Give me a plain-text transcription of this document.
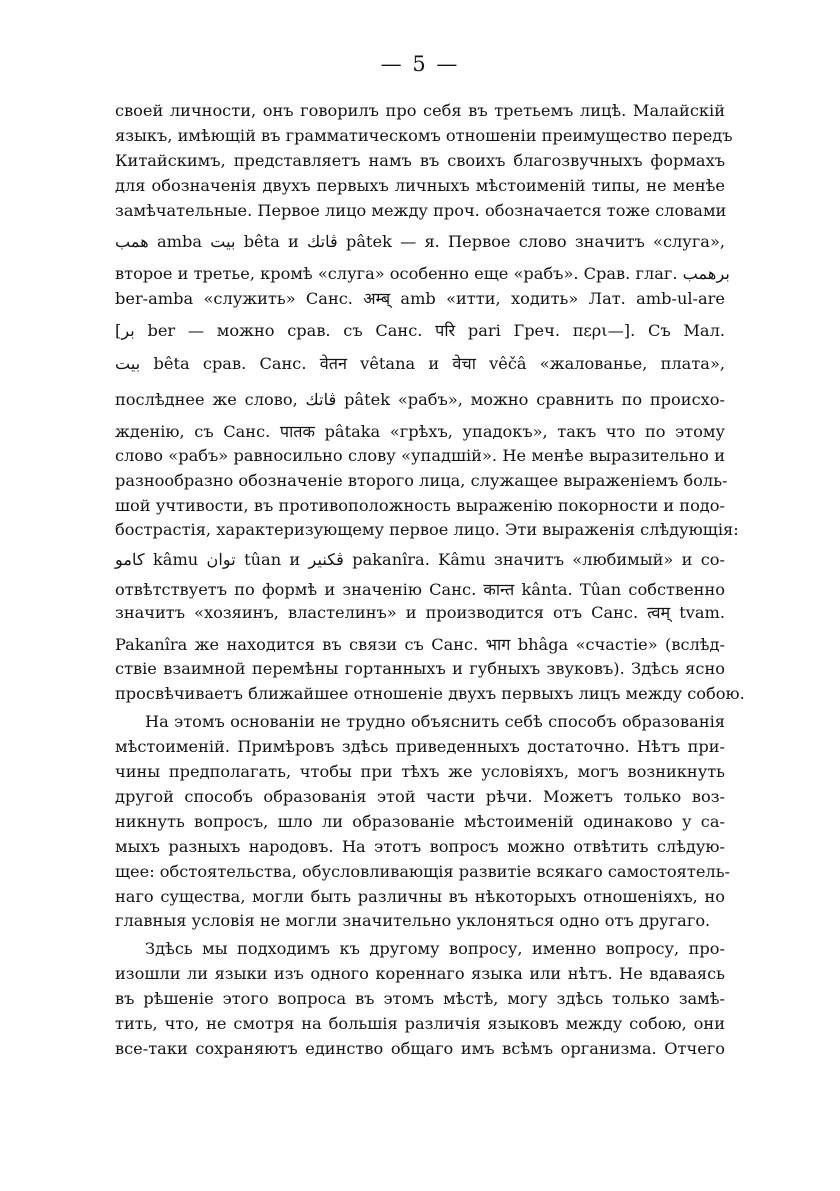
— 5 —
своей личности, онъ говорилъ про себя въ третьемъ лицѣ. Малайскій
языкъ, имѣющій въ грамматическомъ отношеніи преимущество передъ
Китайскимъ, представляетъ намъ въ своихъ благозвучныхъ формахъ
для обозначенія двухъ первыхъ личныхъ мѣстоименій типы, не менѣе
замѣчательные. Первое лицо между проч. обозначается тоже словами
همب amba بيت bêta и ڤاتك pâtek — я. Первое слово значитъ «слуга»,
второе и третье, кромѣ «слуга» особенно еще «рабъ». Срав. глаг. برهمب
ber-amba «служить» Санс. अम्ब् amb «итти, ходить» Лат. amb-ul-are
[بر ber — можно срав. съ Санс. परि pari Греч. περι—]. Съ Мал.
بيت bêta срав. Санс. वेतन vêtana и वेचा vêčâ «жалованье, плата»,
послѣднее же слово, ڤاتك pâtek «рабъ», можно сравнить по происхо-
жденію, съ Санс. पातक pâtaka «грѣхъ, упадокъ», такъ что по этому
слово «рабъ» равносильно слову «упадшій». Не менѣе выразительно и
разнообразно обозначеніе второго лица, служащее выраженіемъ боль-
шой учтивости, въ противоположность выраженію покорности и подо-
бострастія, характеризующему первое лицо. Эти выраженія слѣдующія:
كامو kâmu توان tûan и ڤكنير pakanîra. Kâmu значитъ «любимый» и со-
отвѣтствуетъ по формѣ и значенію Санс. कान्त kânta. Tûan собственно
значитъ «хозяинъ, властелинъ» и производится отъ Санс. त्वम् tvam.
Pakanîra же находится въ связи съ Санс. भाग bhâga «счастіе» (вслѣд-
ствіе взаимной перемѣны гортанныхъ и губныхъ звуковъ). Здѣсь ясно
просвѣчиваетъ ближайшее отношеніе двухъ первыхъ лицъ между собою.
На этомъ основаніи не трудно объяснить себѣ способъ образованія
мѣстоименій. Примѣровъ здѣсь приведенныхъ достаточно. Нѣтъ при-
чины предполагать, чтобы при тѣхъ же условіяхъ, могъ возникнуть
другой способъ образованія этой части рѣчи. Можетъ только воз-
никнуть вопросъ, шло ли образованіе мѣстоименій одинаково у са-
мыхъ разныхъ народовъ. На этотъ вопросъ можно отвѣтить слѣдую-
щее: обстоятельства, обусловливающія развитіе всякаго самостоятель-
наго существа, могли быть различны въ нѣкоторыхъ отношеніяхъ, но
главныя условія не могли значительно уклоняться одно отъ другаго.
Здѣсь мы подходимъ къ другому вопросу, именно вопросу, про-
изошли ли языки изъ одного кореннаго языка или нѣтъ. Не вдаваясь
въ рѣшеніе этого вопроса въ этомъ мѣстѣ, могу здѣсь только замѣ-
тить, что, не смотря на большія различія языковъ между собою, они
все-таки сохраняютъ единство общаго имъ всѣмъ организма. Отчего
